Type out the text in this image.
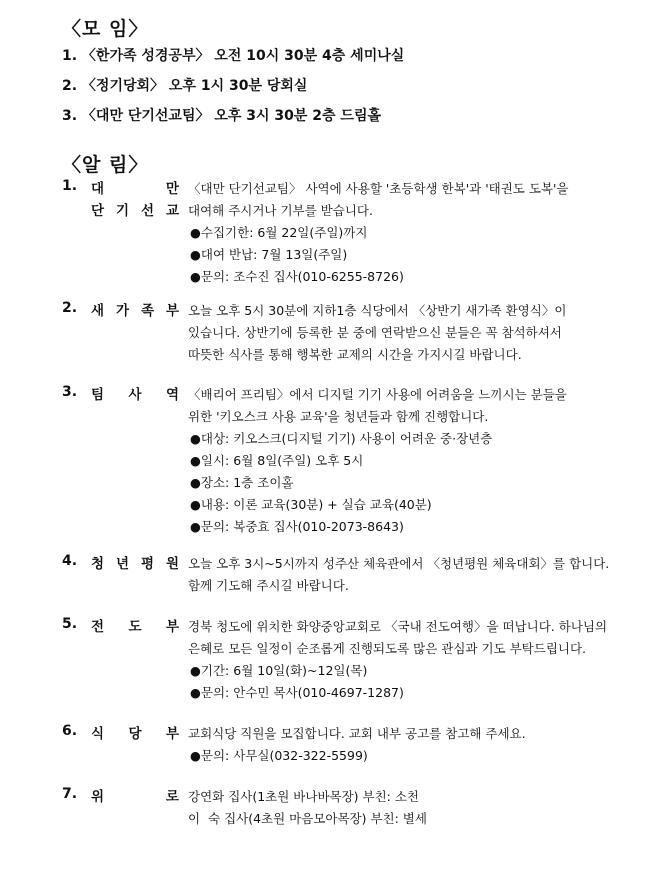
〈모 임〉
1. 〈한가족 성경공부〉 오전 10시 30분 4층 세미나실
2. 〈정기당회〉 오후 1시 30분 당회실
3. 〈대만 단기선교팀〉 오후 3시 30분 2층 드림홀
〈알 림〉
1. 대	만
단 기 선 교
〈대만 단기선교팀〉 사역에 사용할 '초등학생 한복'과 '태권도 도복'을
대여해 주시거나 기부를 받습니다.
●수집기한: 6월 22일(주일)까지
●대여 반납: 7월 13일(주일)
●문의: 조수진 집사(010-6255-8726)
2. 새 가 족 부 오늘 오후 5시 30분에 지하1층 식당에서 〈상반기 새가족 환영식〉이
있습니다. 상반기에 등록한 분 중에 연락받으신 분들은 꼭 참석하셔서
따뜻한 식사를 통해 행복한 교제의 시간을 가지시길 바랍니다.
3. 팀 사 역 〈배리어 프리팀〉에서 디지털 기기 사용에 어려움을 느끼시는 분들을
위한 '키오스크 사용 교육'을 청년들과 함께 진행합니다.
●대상: 키오스크(디지털 기기) 사용이 어려운 중·장년층
●일시: 6월 8일(주일) 오후 5시
●장소: 1층 조이홀
●내용: 이론 교육(30분) + 실습 교육(40분)
●문의: 복중효 집사(010-2073-8643)
4. 청 년 평 원 오늘 오후 3시~5시까지 성주산 체육관에서 〈청년평원 체육대회〉를 합니다.
함께 기도해 주시길 바랍니다.
5. 전 도 부 경북 청도에 위치한 화양중앙교회로 〈국내 전도여행〉을 떠납니다. 하나님의
은혜로 모든 일정이 순조롭게 진행되도록 많은 관심과 기도 부탁드립니다.
●기간: 6월 10일(화)~12일(목)
●문의: 안수민 목사(010-4697-1287)
6. 식 당 부 교회식당 직원을 모집합니다. 교회 내부 공고를 참고해 주세요.
●문의: 사무실(032-322-5599)
7. 위	로 강연화 집사(1초원 바나바목장) 부친: 소천
이  숙 집사(4초원 마음모아목장) 부친: 별세
